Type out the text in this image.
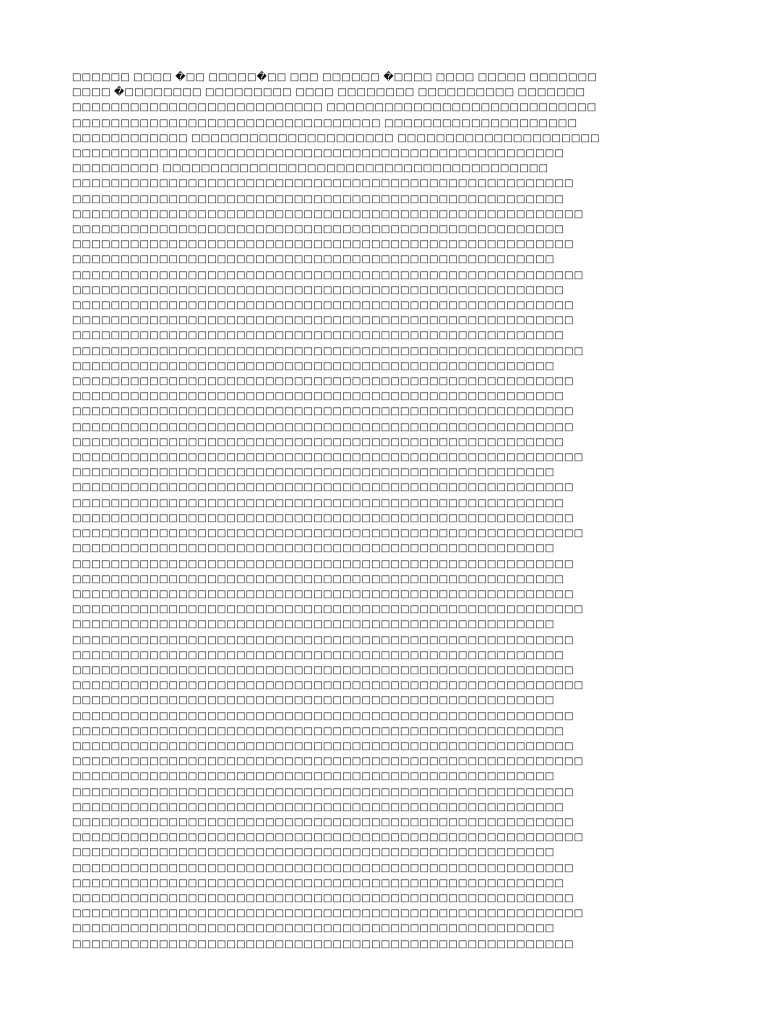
□□□□□□ □□□□ �□□ □□□□□�□□ □□□ □□□□□□ �□□□□ □□□□ □□□□□ □□□□□□□
□□□□ �□□□□□□□□ □□□□□□□□□ □□□□ □□□□□□□□ □□□□□□□□□□ □□□□□□□
□□□□□□□□□□□□□□□□□□□□□□□□□□ □□□□□□□□□□□□□□□□□□□□□□□□□□□□
□□□□□□□□□□□□□□□□□□□□□□□□□□□□□□□□ □□□□□□□□□□□□□□□□□□□□
□□□□□□□□□□□□ □□□□□□□□□□□□□□□□□□□□□ □□□□□□□□□□□□□□□□□□□□□
□□□□□□□□□□□□□□□□□□□□□□□□□□□□□□□□□□□□□□□□□□□□□□□□□□□
□□□□□□□□□ □□□□□□□□□□□□□□□□□□□□□□□□□□□□□□□□□□□□□□□□
□□□□□□□□□□□□□□□□□□□□□□□□□□□□□□□□□□□□□□□□□□□□□□□□□□□□
□□□□□□□□□□□□□□□□□□□□□□□□□□□□□□□□□□□□□□□□□□□□□□□□□□□
□□□□□□□□□□□□□□□□□□□□□□□□□□□□□□□□□□□□□□□□□□□□□□□□□□□□□
□□□□□□□□□□□□□□□□□□□□□□□□□□□□□□□□□□□□□□□□□□□□□□□□□□□
□□□□□□□□□□□□□□□□□□□□□□□□□□□□□□□□□□□□□□□□□□□□□□□□□□□□
□□□□□□□□□□□□□□□□□□□□□□□□□□□□□□□□□□□□□□□□□□□□□□□□□□
□□□□□□□□□□□□□□□□□□□□□□□□□□□□□□□□□□□□□□□□□□□□□□□□□□□□□
□□□□□□□□□□□□□□□□□□□□□□□□□□□□□□□□□□□□□□□□□□□□□□□□□□□
□□□□□□□□□□□□□□□□□□□□□□□□□□□□□□□□□□□□□□□□□□□□□□□□□□□□
□□□□□□□□□□□□□□□□□□□□□□□□□□□□□□□□□□□□□□□□□□□□□□□□□□□□
□□□□□□□□□□□□□□□□□□□□□□□□□□□□□□□□□□□□□□□□□□□□□□□□□□□
□□□□□□□□□□□□□□□□□□□□□□□□□□□□□□□□□□□□□□□□□□□□□□□□□□□□□
□□□□□□□□□□□□□□□□□□□□□□□□□□□□□□□□□□□□□□□□□□□□□□□□□□
□□□□□□□□□□□□□□□□□□□□□□□□□□□□□□□□□□□□□□□□□□□□□□□□□□□□
□□□□□□□□□□□□□□□□□□□□□□□□□□□□□□□□□□□□□□□□□□□□□□□□□□□
□□□□□□□□□□□□□□□□□□□□□□□□□□□□□□□□□□□□□□□□□□□□□□□□□□□□
□□□□□□□□□□□□□□□□□□□□□□□□□□□□□□□□□□□□□□□□□□□□□□□□□□□□
□□□□□□□□□□□□□□□□□□□□□□□□□□□□□□□□□□□□□□□□□□□□□□□□□□□
□□□□□□□□□□□□□□□□□□□□□□□□□□□□□□□□□□□□□□□□□□□□□□□□□□□□□
□□□□□□□□□□□□□□□□□□□□□□□□□□□□□□□□□□□□□□□□□□□□□□□□□□
□□□□□□□□□□□□□□□□□□□□□□□□□□□□□□□□□□□□□□□□□□□□□□□□□□□□
□□□□□□□□□□□□□□□□□□□□□□□□□□□□□□□□□□□□□□□□□□□□□□□□□□□
□□□□□□□□□□□□□□□□□□□□□□□□□□□□□□□□□□□□□□□□□□□□□□□□□□□□
□□□□□□□□□□□□□□□□□□□□□□□□□□□□□□□□□□□□□□□□□□□□□□□□□□□□□
□□□□□□□□□□□□□□□□□□□□□□□□□□□□□□□□□□□□□□□□□□□□□□□□□□
□□□□□□□□□□□□□□□□□□□□□□□□□□□□□□□□□□□□□□□□□□□□□□□□□□□□
□□□□□□□□□□□□□□□□□□□□□□□□□□□□□□□□□□□□□□□□□□□□□□□□□□□
□□□□□□□□□□□□□□□□□□□□□□□□□□□□□□□□□□□□□□□□□□□□□□□□□□□□
□□□□□□□□□□□□□□□□□□□□□□□□□□□□□□□□□□□□□□□□□□□□□□□□□□□□□
□□□□□□□□□□□□□□□□□□□□□□□□□□□□□□□□□□□□□□□□□□□□□□□□□□
□□□□□□□□□□□□□□□□□□□□□□□□□□□□□□□□□□□□□□□□□□□□□□□□□□□□
□□□□□□□□□□□□□□□□□□□□□□□□□□□□□□□□□□□□□□□□□□□□□□□□□□□
□□□□□□□□□□□□□□□□□□□□□□□□□□□□□□□□□□□□□□□□□□□□□□□□□□□□
□□□□□□□□□□□□□□□□□□□□□□□□□□□□□□□□□□□□□□□□□□□□□□□□□□□□□
□□□□□□□□□□□□□□□□□□□□□□□□□□□□□□□□□□□□□□□□□□□□□□□□□□
□□□□□□□□□□□□□□□□□□□□□□□□□□□□□□□□□□□□□□□□□□□□□□□□□□□□
□□□□□□□□□□□□□□□□□□□□□□□□□□□□□□□□□□□□□□□□□□□□□□□□□□□
□□□□□□□□□□□□□□□□□□□□□□□□□□□□□□□□□□□□□□□□□□□□□□□□□□□□
□□□□□□□□□□□□□□□□□□□□□□□□□□□□□□□□□□□□□□□□□□□□□□□□□□□□□
□□□□□□□□□□□□□□□□□□□□□□□□□□□□□□□□□□□□□□□□□□□□□□□□□□
□□□□□□□□□□□□□□□□□□□□□□□□□□□□□□□□□□□□□□□□□□□□□□□□□□□□
□□□□□□□□□□□□□□□□□□□□□□□□□□□□□□□□□□□□□□□□□□□□□□□□□□□
□□□□□□□□□□□□□□□□□□□□□□□□□□□□□□□□□□□□□□□□□□□□□□□□□□□□
□□□□□□□□□□□□□□□□□□□□□□□□□□□□□□□□□□□□□□□□□□□□□□□□□□□□□
□□□□□□□□□□□□□□□□□□□□□□□□□□□□□□□□□□□□□□□□□□□□□□□□□□
□□□□□□□□□□□□□□□□□□□□□□□□□□□□□□□□□□□□□□□□□□□□□□□□□□□□
□□□□□□□□□□□□□□□□□□□□□□□□□□□□□□□□□□□□□□□□□□□□□□□□□□□
□□□□□□□□□□□□□□□□□□□□□□□□□□□□□□□□□□□□□□□□□□□□□□□□□□□□
□□□□□□□□□□□□□□□□□□□□□□□□□□□□□□□□□□□□□□□□□□□□□□□□□□□□□
□□□□□□□□□□□□□□□□□□□□□□□□□□□□□□□□□□□□□□□□□□□□□□□□□□
□□□□□□□□□□□□□□□□□□□□□□□□□□□□□□□□□□□□□□□□□□□□□□□□□□□□
